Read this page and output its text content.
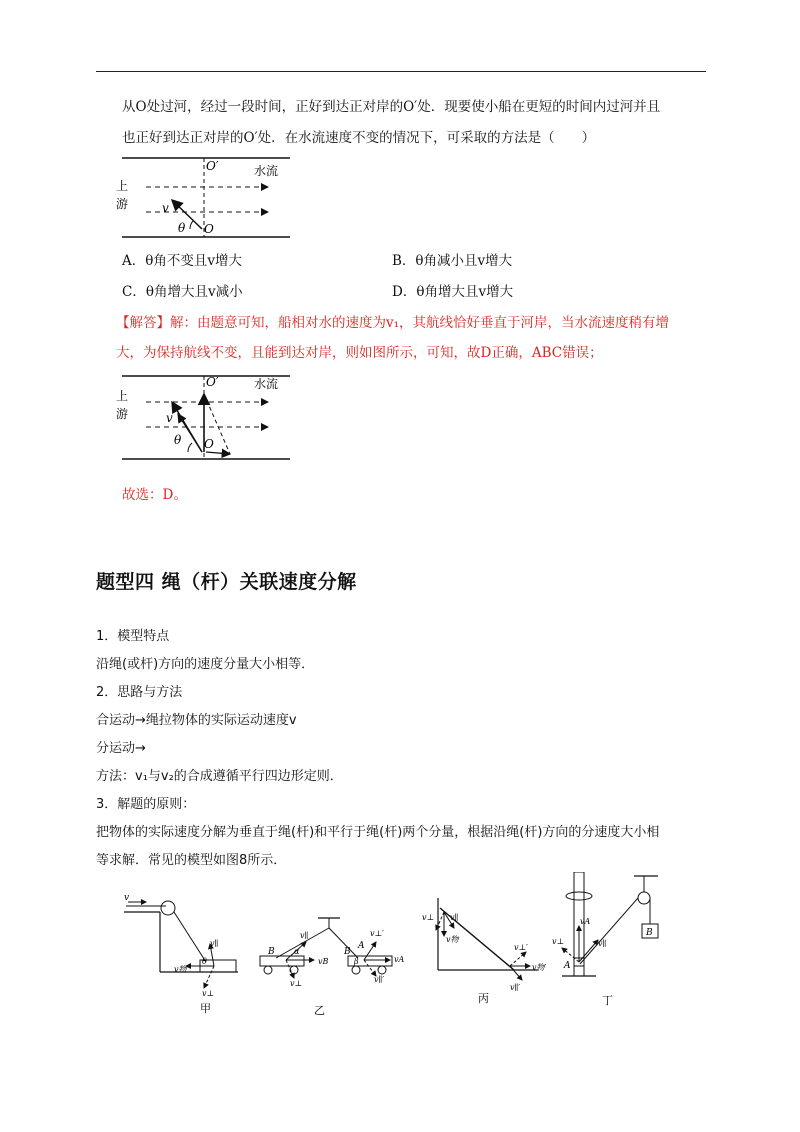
从O处过河，经过一段时间，正好到达正对岸的O′处．现要使小船在更短的时间内过河并且
也正好到达正对岸的O′处．在水流速度不变的情况下，可采取的方法是（　　）
O′	水流
上
游	v
θ O
A．θ角不变且v增大	B．θ角减小且v增大
C．θ角增大且v减小	D．θ角增大且v增大
【解答】解：由题意可知，船相对水的速度为v₁，其航线恰好垂直于河岸，当水流速度稍有增
大，为保持航线不变，且能到达对岸，则如图所示，可知，故D正确，ABC错误；
O′	水流
上
游	v
θ O
故选：D。
题型四 绳（杆）关联速度分解
1．模型特点
沿绳(或杆)方向的速度分量大小相等．
2．思路与方法
合运动→绳拉物体的实际运动速度v
分运动→
方法：v₁与v₂的合成遵循平行四边形定则．
3．解题的原则：
把物体的实际速度分解为垂直于绳(杆)和平行于绳(杆)两个分量，根据沿绳(杆)方向的分速度大小相
等求解．常见的模型如图8所示．
v
v∥
v物
θ
v⊥
甲
v∥
α
vB
v⊥
B	B
β
A
v⊥′
vA
v∥′
乙
v⊥ v∥
v物
v⊥′
v物′
v∥′
丙
vA
v⊥	v∥
A
B
丁
